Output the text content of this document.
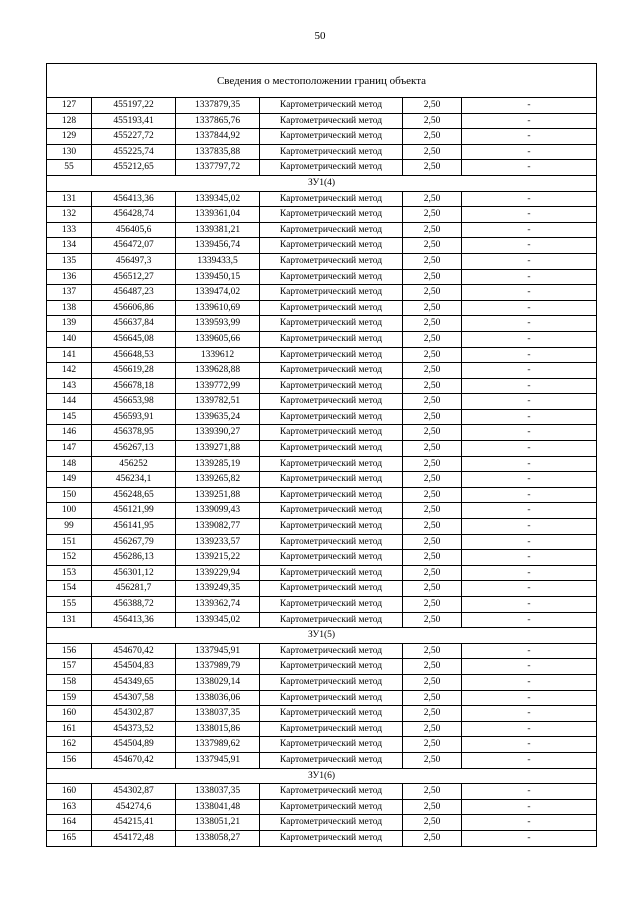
50
Сведения о местоположении границ объекта					
127	455197,22	1337879,35	Картометрический метод	2,50	-
128	455193,41	1337865,76	Картометрический метод	2,50	-
129	455227,72	1337844,92	Картометрический метод	2,50	-
130	455225,74	1337835,88	Картометрический метод	2,50	-
55	455212,65	1337797,72	Картометрический метод	2,50	-
ЗУ1(4)					
131	456413,36	1339345,02	Картометрический метод	2,50	-
132	456428,74	1339361,04	Картометрический метод	2,50	-
133	456405,6	1339381,21	Картометрический метод	2,50	-
134	456472,07	1339456,74	Картометрический метод	2,50	-
135	456497,3	1339433,5	Картометрический метод	2,50	-
136	456512,27	1339450,15	Картометрический метод	2,50	-
137	456487,23	1339474,02	Картометрический метод	2,50	-
138	456606,86	1339610,69	Картометрический метод	2,50	-
139	456637,84	1339593,99	Картометрический метод	2,50	-
140	456645,08	1339605,66	Картометрический метод	2,50	-
141	456648,53	1339612	Картометрический метод	2,50	-
142	456619,28	1339628,88	Картометрический метод	2,50	-
143	456678,18	1339772,99	Картометрический метод	2,50	-
144	456653,98	1339782,51	Картометрический метод	2,50	-
145	456593,91	1339635,24	Картометрический метод	2,50	-
146	456378,95	1339390,27	Картометрический метод	2,50	-
147	456267,13	1339271,88	Картометрический метод	2,50	-
148	456252	1339285,19	Картометрический метод	2,50	-
149	456234,1	1339265,82	Картометрический метод	2,50	-
150	456248,65	1339251,88	Картометрический метод	2,50	-
100	456121,99	1339099,43	Картометрический метод	2,50	-
99	456141,95	1339082,77	Картометрический метод	2,50	-
151	456267,79	1339233,57	Картометрический метод	2,50	-
152	456286,13	1339215,22	Картометрический метод	2,50	-
153	456301,12	1339229,94	Картометрический метод	2,50	-
154	456281,7	1339249,35	Картометрический метод	2,50	-
155	456388,72	1339362,74	Картометрический метод	2,50	-
131	456413,36	1339345,02	Картометрический метод	2,50	-
ЗУ1(5)					
156	454670,42	1337945,91	Картометрический метод	2,50	-
157	454504,83	1337989,79	Картометрический метод	2,50	-
158	454349,65	1338029,14	Картометрический метод	2,50	-
159	454307,58	1338036,06	Картометрический метод	2,50	-
160	454302,87	1338037,35	Картометрический метод	2,50	-
161	454373,52	1338015,86	Картометрический метод	2,50	-
162	454504,89	1337989,62	Картометрический метод	2,50	-
156	454670,42	1337945,91	Картометрический метод	2,50	-
ЗУ1(6)					
160	454302,87	1338037,35	Картометрический метод	2,50	-
163	454274,6	1338041,48	Картометрический метод	2,50	-
164	454215,41	1338051,21	Картометрический метод	2,50	-
165	454172,48	1338058,27	Картометрический метод	2,50	-
